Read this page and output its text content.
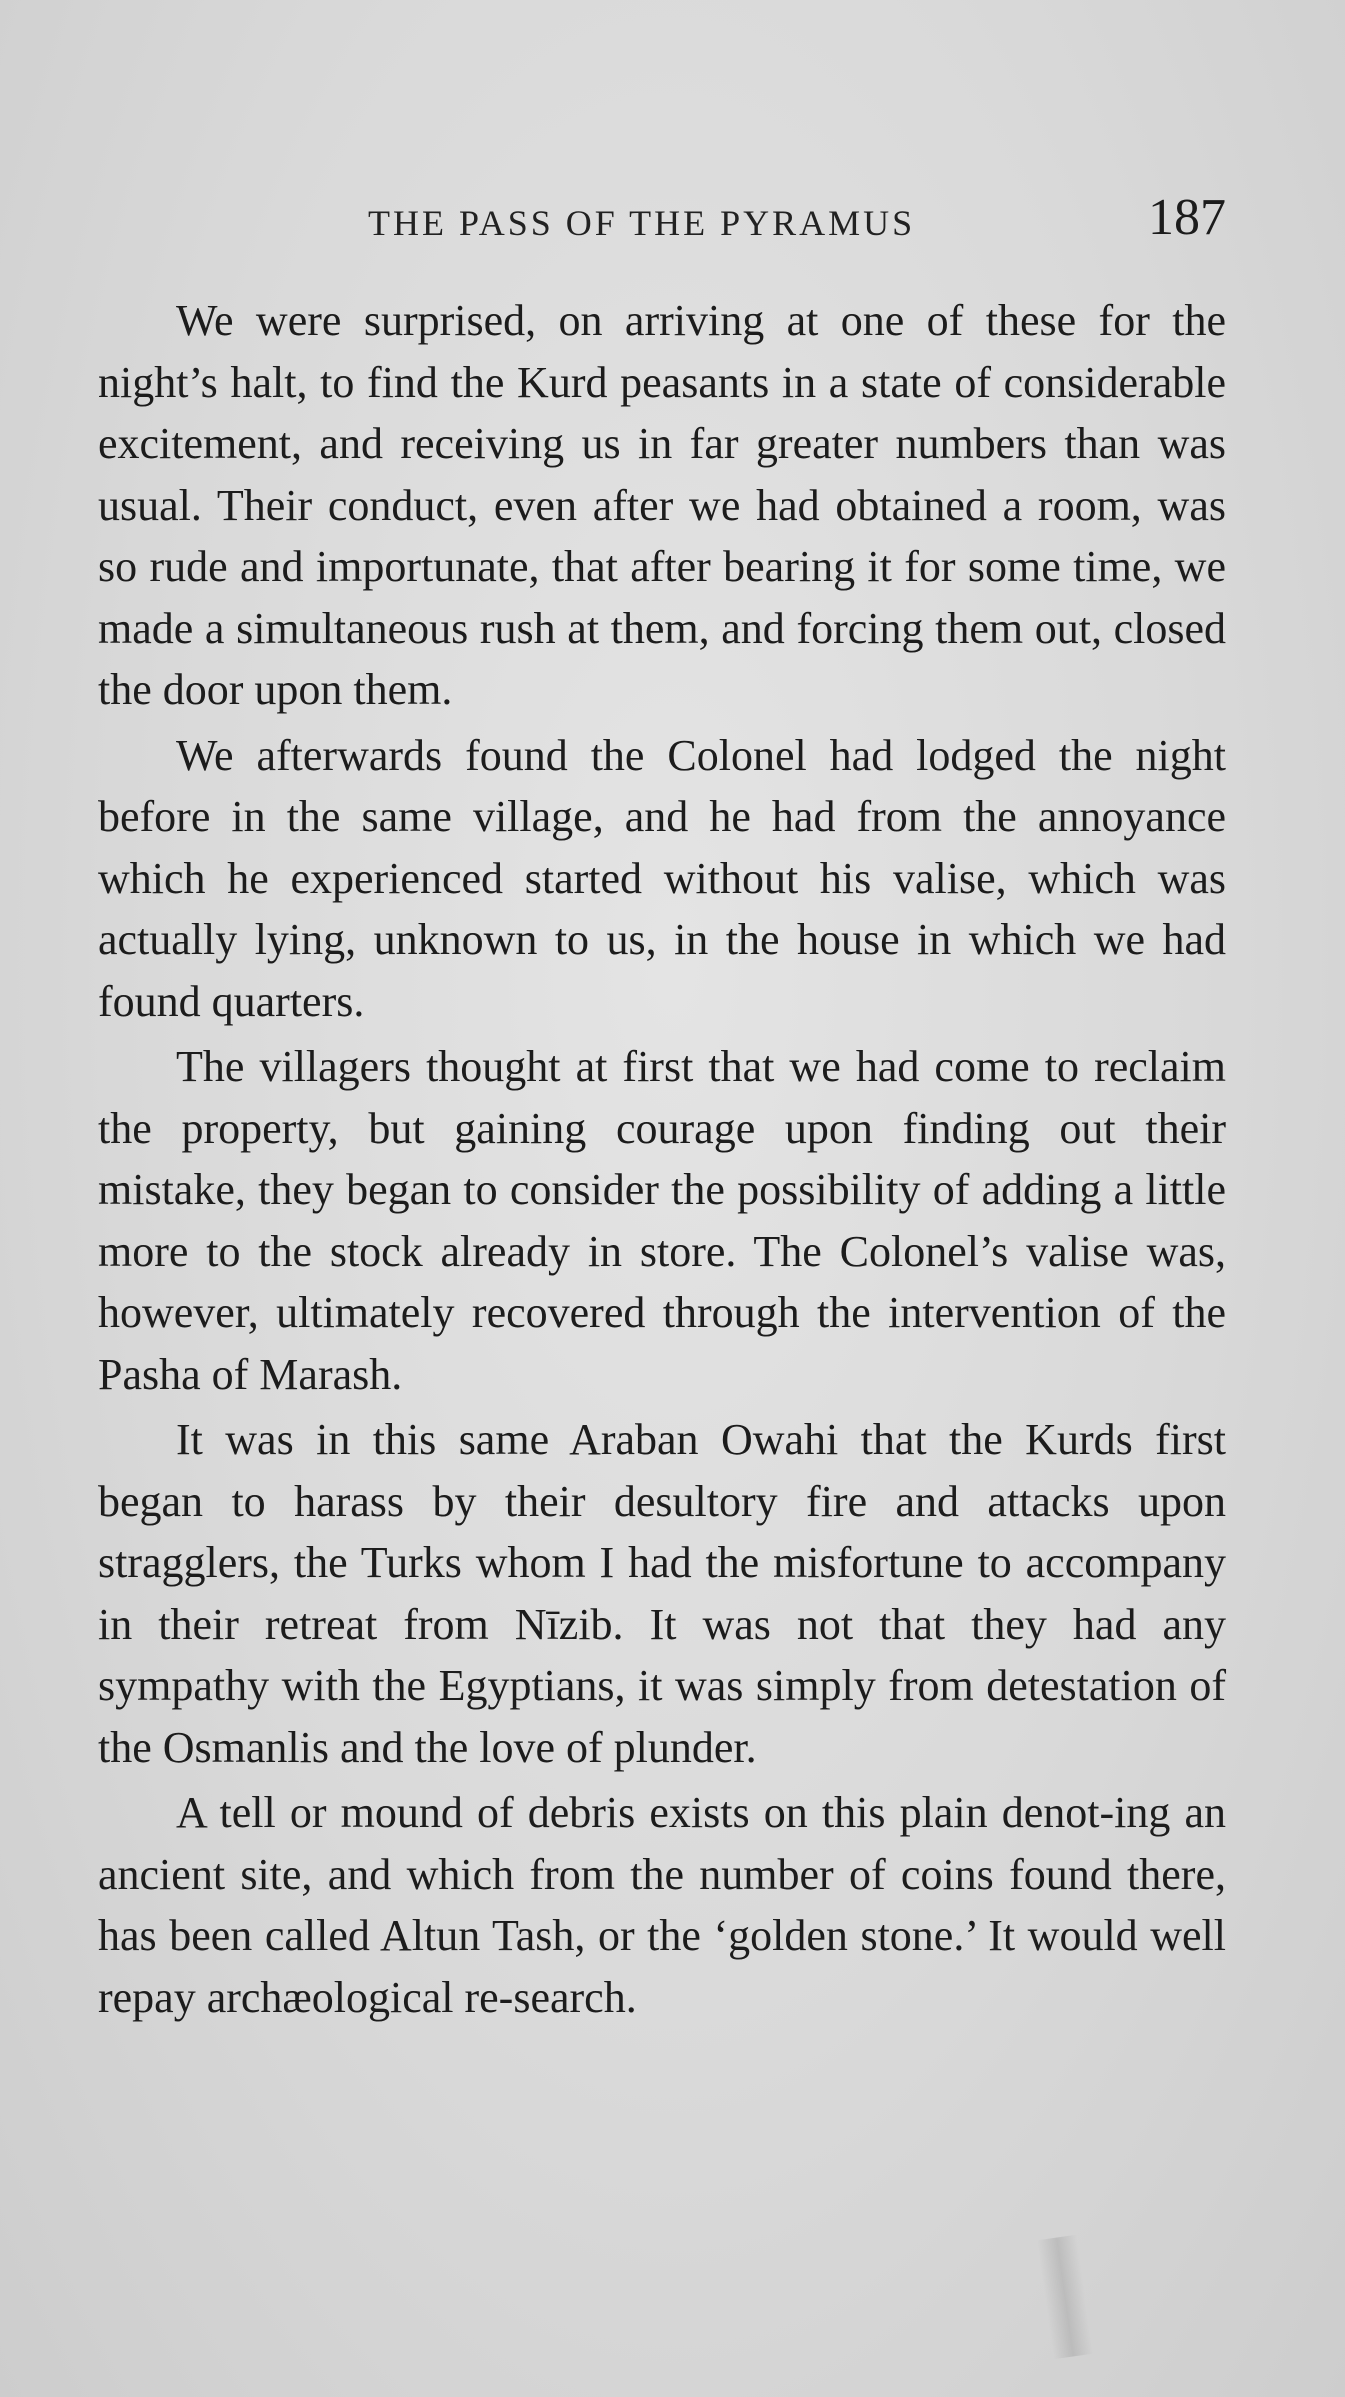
THE PASS OF THE PYRAMUS	187

We were surprised, on arriving at one of these for the night’s halt, to find the Kurd peasants in a state of considerable excitement, and receiving us in far greater numbers than was usual. Their conduct, even after we had obtained a room, was so rude and importunate, that after bearing it for some time, we made a simultaneous rush at them, and forcing them out, closed the door upon them.

We afterwards found the Colonel had lodged the night before in the same village, and he had from the annoyance which he experienced started without his valise, which was actually lying, unknown to us, in the house in which we had found quarters.

The villagers thought at first that we had come to reclaim the property, but gaining courage upon finding out their mistake, they began to consider the possibility of adding a little more to the stock already in store. The Colonel’s valise was, however, ultimately recovered through the intervention of the Pasha of Marash.

It was in this same Araban Owahi that the Kurds first began to harass by their desultory fire and attacks upon stragglers, the Turks whom I had the misfortune to accompany in their retreat from Nīzib. It was not that they had any sympathy with the Egyptians, it was simply from detestation of the Osmanlis and the love of plunder.

A tell or mound of debris exists on this plain denot-ing an ancient site, and which from the number of coins found there, has been called Altun Tash, or the ‘golden stone.’ It would well repay archæological re-search.
